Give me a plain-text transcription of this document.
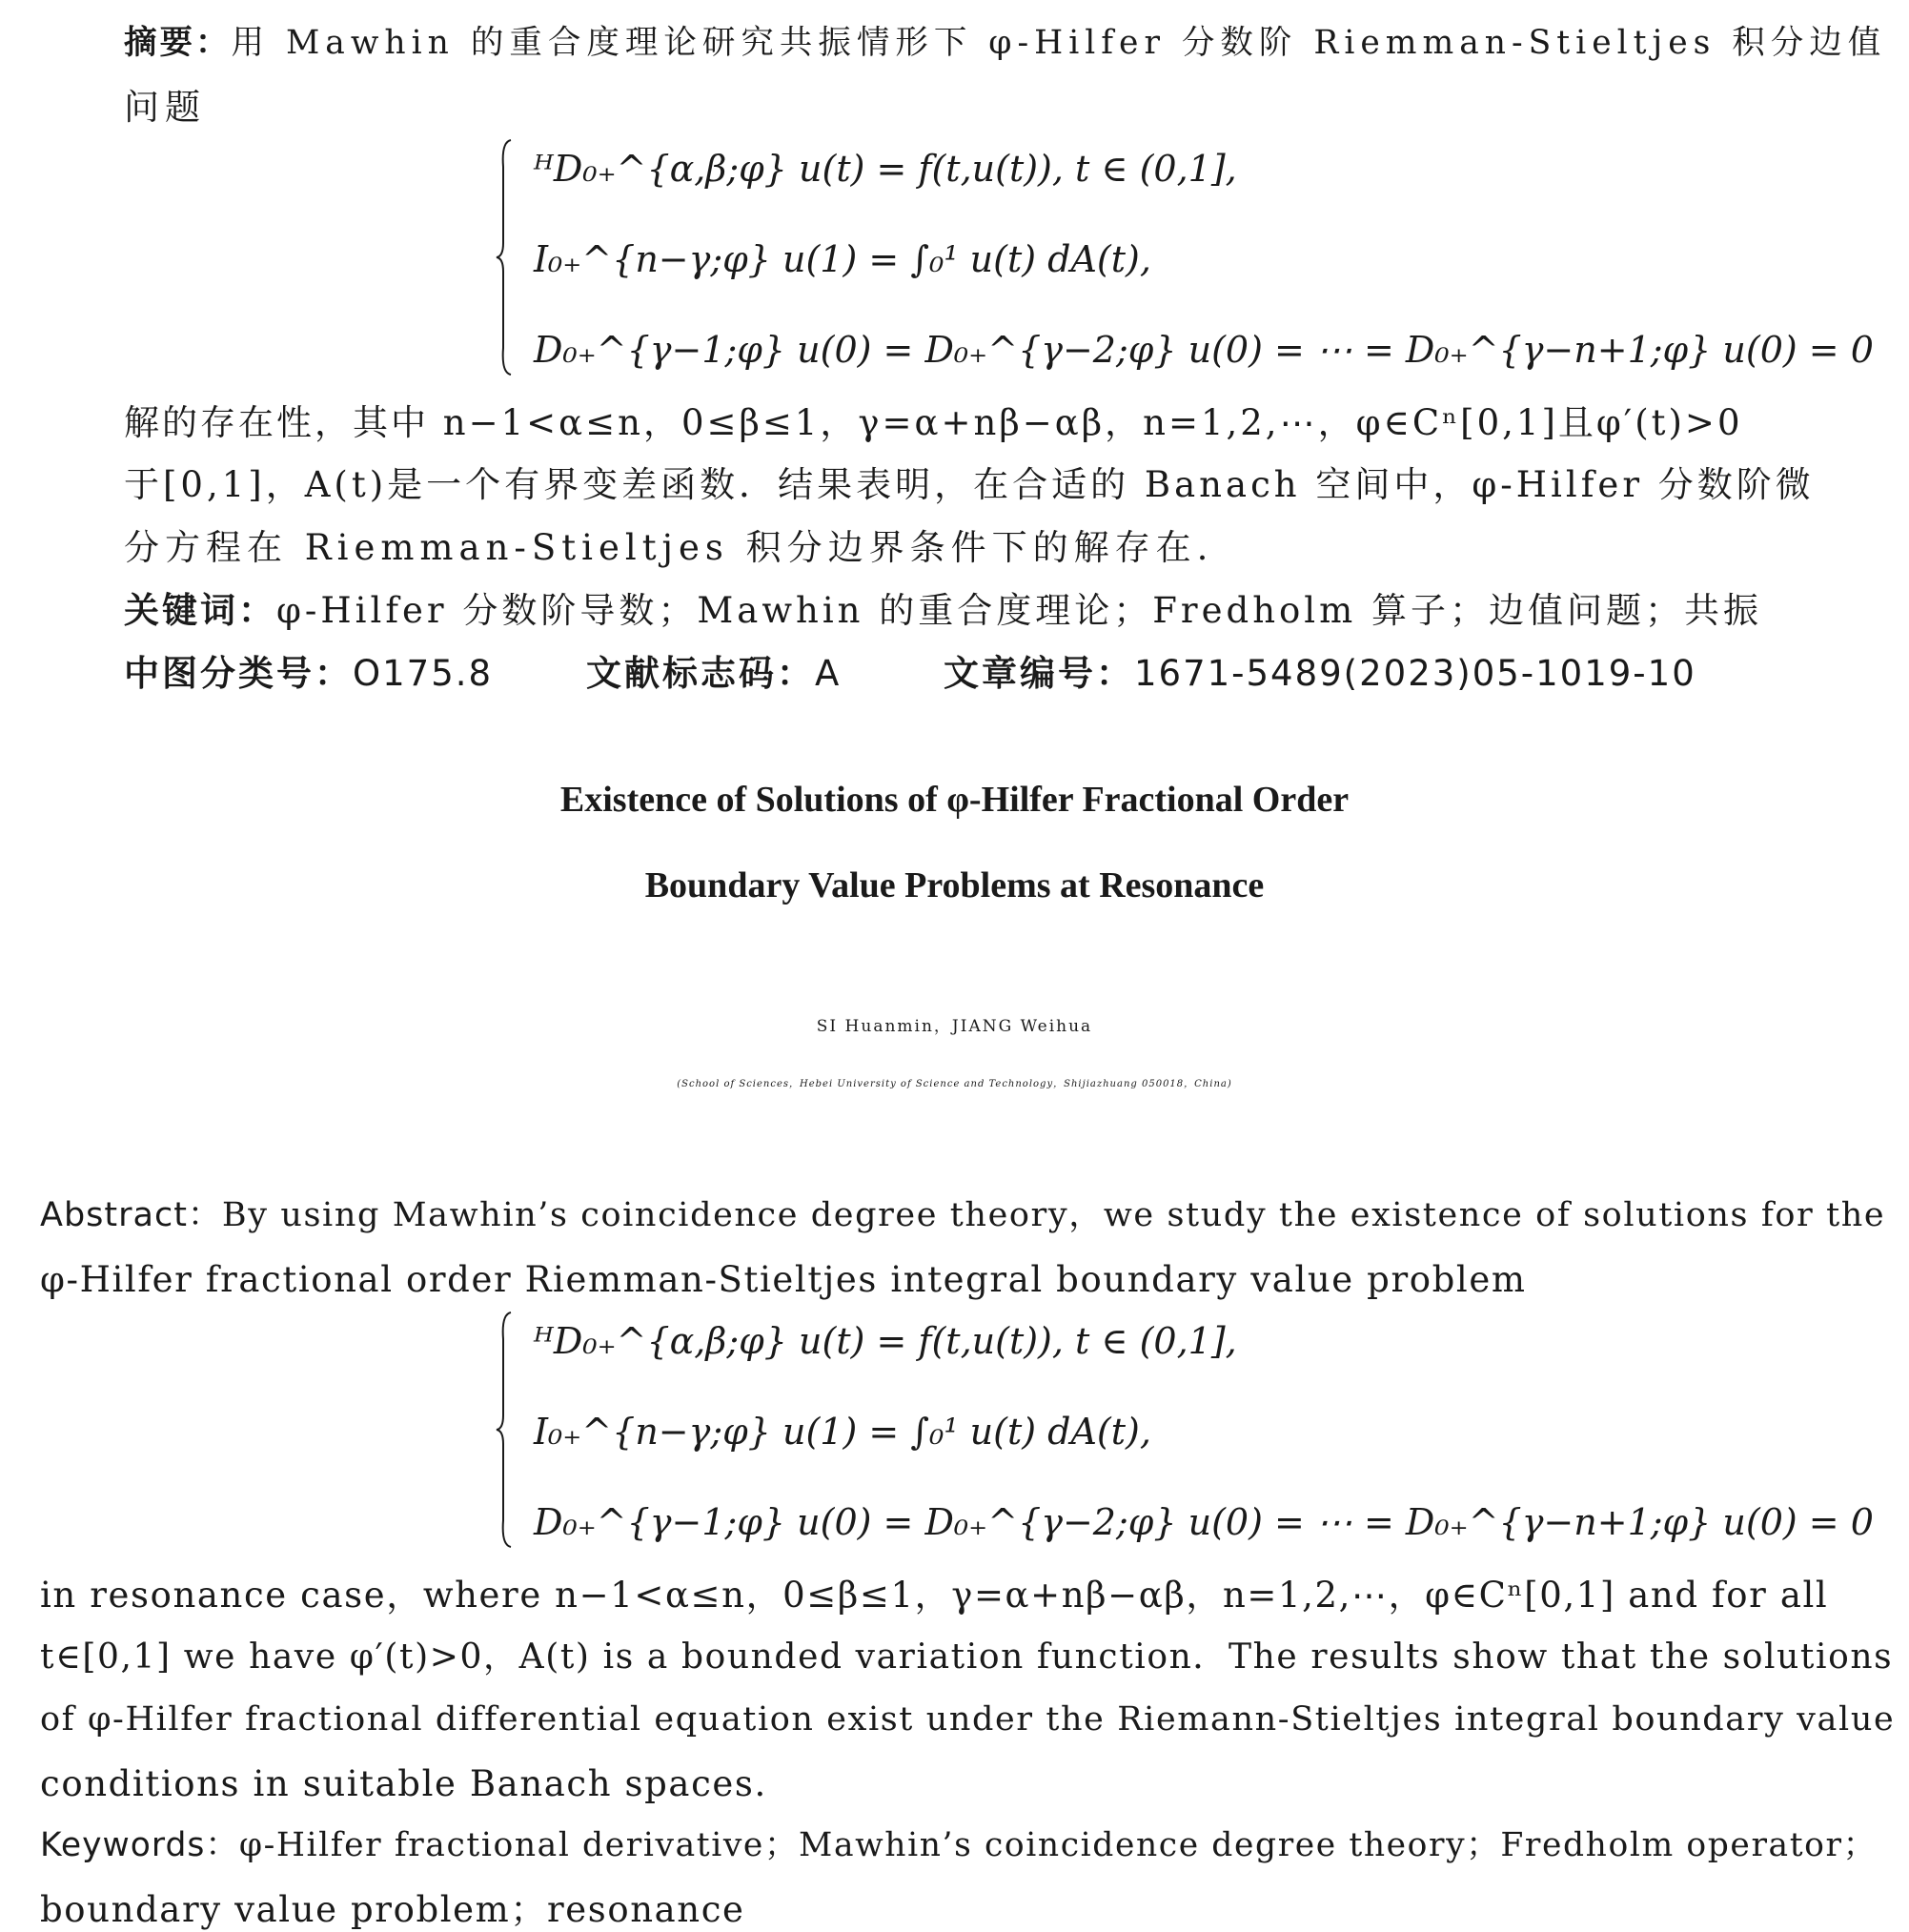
摘要：用 Mawhin 的重合度理论研究共振情形下 φ-Hilfer 分数阶 Riemman-Stieltjes 积分边值
问题
ᴴD₀₊^{α,β;φ} u(t) = f(t,u(t)), t ∈ (0,1],
I₀₊^{n−γ;φ} u(1) = ∫₀¹ u(t) dA(t),
D₀₊^{γ−1;φ} u(0) = D₀₊^{γ−2;φ} u(0) = ⋯ = D₀₊^{γ−n+1;φ} u(0) = 0
解的存在性，其中 n−1<α≤n，0≤β≤1，γ=α+nβ−αβ，n=1,2,⋯，φ∈Cⁿ[0,1]且φ′(t)>0
于[0,1]，A(t)是一个有界变差函数．结果表明，在合适的 Banach 空间中，φ-Hilfer 分数阶微
分方程在 Riemman-Stieltjes 积分边界条件下的解存在.
关键词：φ-Hilfer 分数阶导数；Mawhin 的重合度理论；Fredholm 算子；边值问题；共振
中图分类号：O175.8	文献标志码：A	文章编号：1671-5489(2023)05-1019-10
Existence of Solutions of φ-Hilfer Fractional Order
Boundary Value Problems at Resonance
SI Huanmin，JIANG Weihua
(School of Sciences，Hebei University of Science and Technology，Shijiazhuang 050018，China)
Abstract：By using Mawhin’s coincidence degree theory，we study the existence of solutions for the
φ-Hilfer fractional order Riemman-Stieltjes integral boundary value problem
ᴴD₀₊^{α,β;φ} u(t) = f(t,u(t)), t ∈ (0,1],
I₀₊^{n−γ;φ} u(1) = ∫₀¹ u(t) dA(t),
D₀₊^{γ−1;φ} u(0) = D₀₊^{γ−2;φ} u(0) = ⋯ = D₀₊^{γ−n+1;φ} u(0) = 0
in resonance case，where n−1<α≤n，0≤β≤1，γ=α+nβ−αβ，n=1,2,⋯，φ∈Cⁿ[0,1] and for all
t∈[0,1] we have φ′(t)>0，A(t) is a bounded variation function．The results show that the solutions
of φ-Hilfer fractional differential equation exist under the Riemann-Stieltjes integral boundary value
conditions in suitable Banach spaces.
Keywords：φ-Hilfer fractional derivative；Mawhin’s coincidence degree theory；Fredholm operator；
boundary value problem；resonance
